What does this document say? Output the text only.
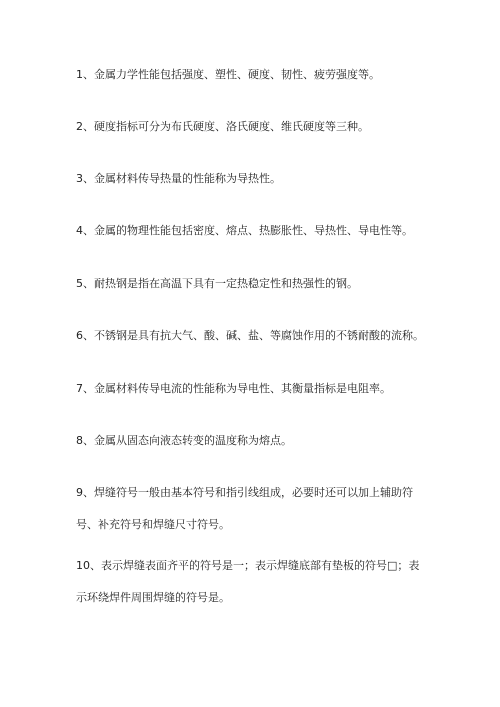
1、金属力学性能包括强度、塑性、硬度、韧性、疲劳强度等。

2、硬度指标可分为布氏硬度、洛氏硬度、维氏硬度等三种。

3、金属材料传导热量的性能称为导热性。

4、金属的物理性能包括密度、熔点、热膨胀性、导热性、导电性等。

5、耐热钢是指在高温下具有一定热稳定性和热强性的钢。

6、不锈钢是具有抗大气、酸、碱、盐、等腐蚀作用的不锈耐酸的流称。

7、金属材料传导电流的性能称为导电性、其衡量指标是电阻率。

8、金属从固态向液态转变的温度称为熔点。

9、焊缝符号一般由基本符号和指引线组成，必要时还可以加上辅助符号、补充符号和焊缝尺寸符号。

10、表示焊缝表面齐平的符号是一；表示焊缝底部有垫板的符号□；表示环绕焊件周围焊缝的符号是。
